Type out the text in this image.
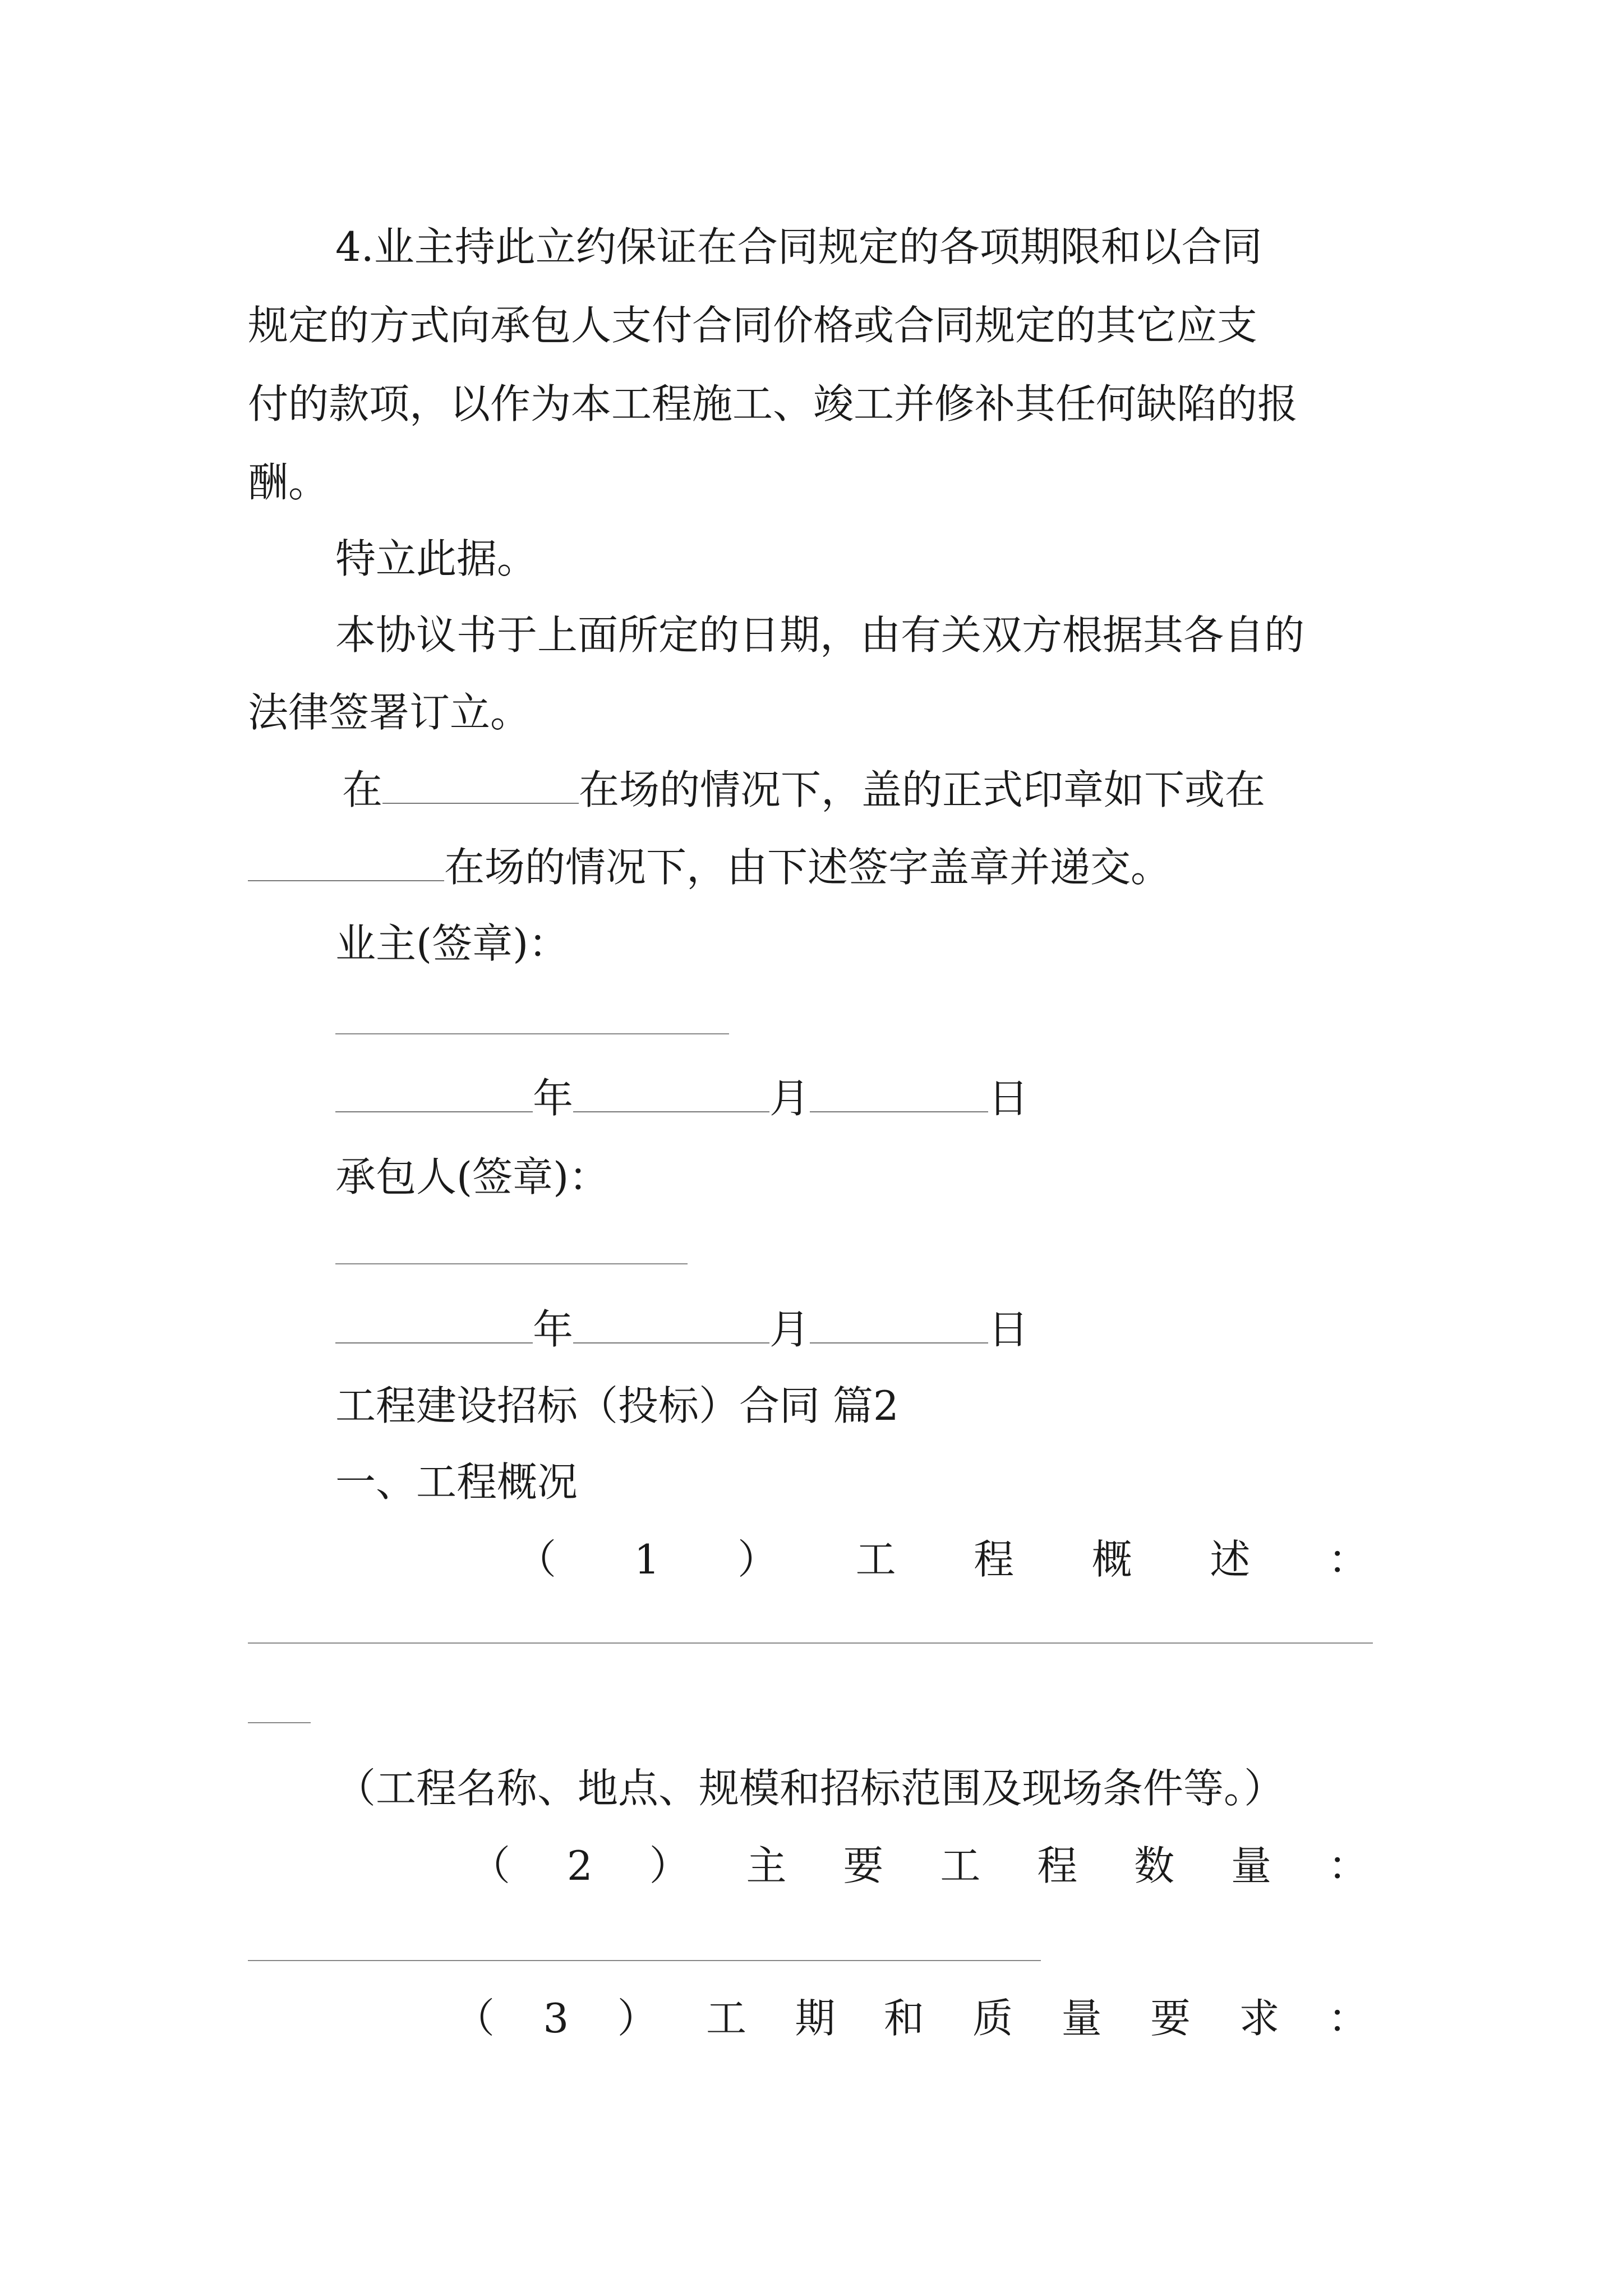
4.业主持此立约保证在合同规定的各项期限和以合同
规定的方式向承包人支付合同价格或合同规定的其它应支
付的款项，以作为本工程施工、竣工并修补其任何缺陷的报
酬。
特立此据。
本协议书于上面所定的日期，由有关双方根据其各自的
法律签署订立。
在	在场的情况下，盖的正式印章如下或在
在场的情况下，由下述签字盖章并递交。
业主(签章)：
年	月	日
承包人(签章)：
年	月	日
工程建设招标（投标）合同 篇2
一、工程概况
（ 1 ） 工 程 概 述 ：
（工程名称、地点、规模和招标范围及现场条件等。）
（ 2 ） 主 要 工 程 数 量 ：
（ 3 ） 工 期 和 质 量 要 求 ：
